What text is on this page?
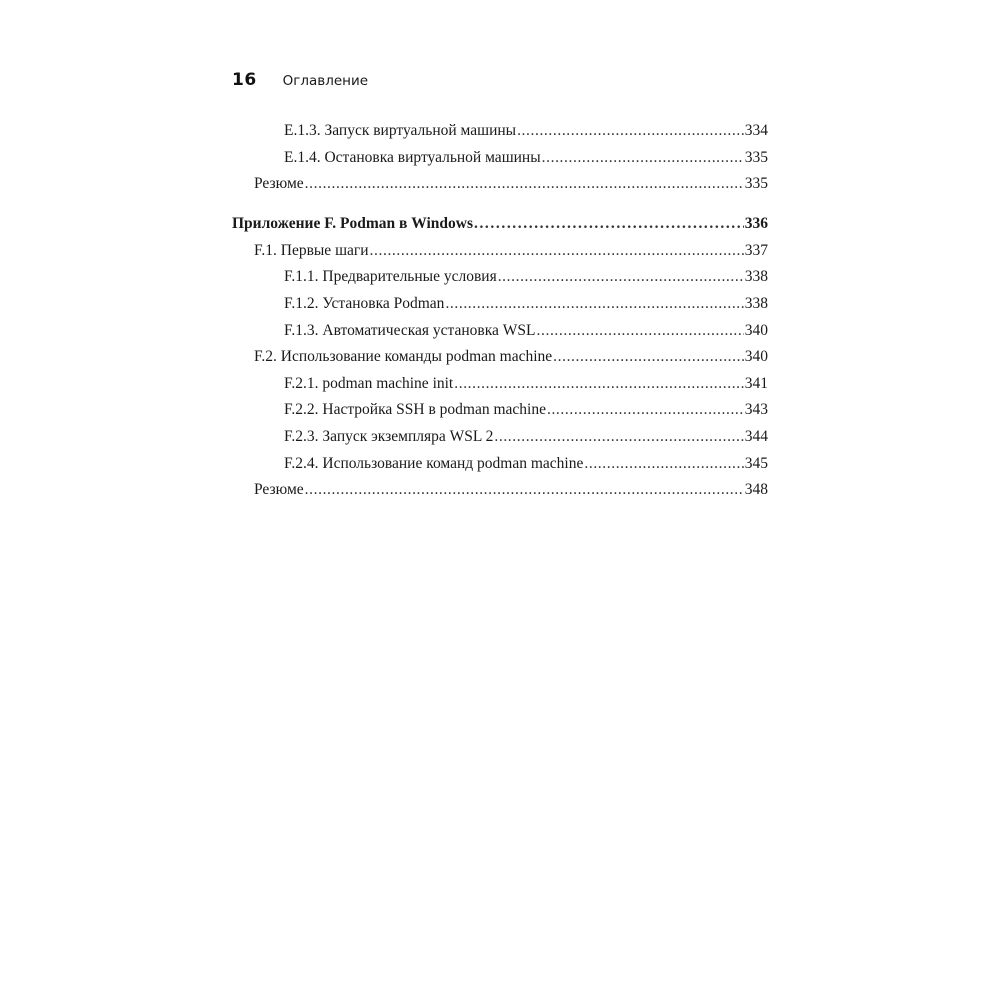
16 Оглавление
E.1.3. Запуск виртуальной машины .....	334
E.1.4. Остановка виртуальной машины .....	335
Резюме .....	335
Приложение F. Podman в Windows .....	336
F.1. Первые шаги .....	337
F.1.1. Предварительные условия .....	338
F.1.2. Установка Podman .....	338
F.1.3. Автоматическая установка WSL .....	340
F.2. Использование команды podman machine .....	340
F.2.1. podman machine init .....	341
F.2.2. Настройка SSH в podman machine .....	343
F.2.3. Запуск экземпляра WSL 2 .....	344
F.2.4. Использование команд podman machine .....	345
Резюме .....	348
